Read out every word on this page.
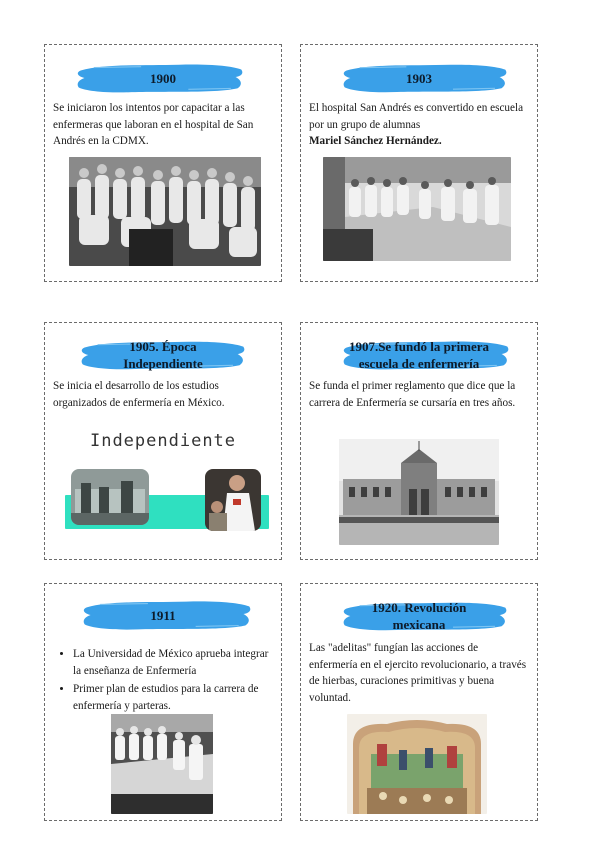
1900
Se iniciaron los intentos por capacitar a las enfermeras que laboran en el hospital de San Andrés en la CDMX.
1903
El hospital San Andrés es convertido en escuela por un grupo de alumnas
Mariel Sánchez Hernández.
1905. Época Independiente
Se inicia el desarrollo de los estudios organizados de enfermería en México.
Independiente
1907.Se fundó la primera escuela de enfermería
Se funda el primer reglamento que dice que la carrera de Enfermería se cursaría en tres años.
1911
• La Universidad de México aprueba integrar la enseñanza de Enfermería
• Primer plan de estudios para la carrera de enfermería y parteras.
1920. Revolución mexicana
Las "adelitas" fungían las acciones de enfermería en el ejercito revolucionario, a través de hierbas, curaciones primitivas y buena voluntad.
